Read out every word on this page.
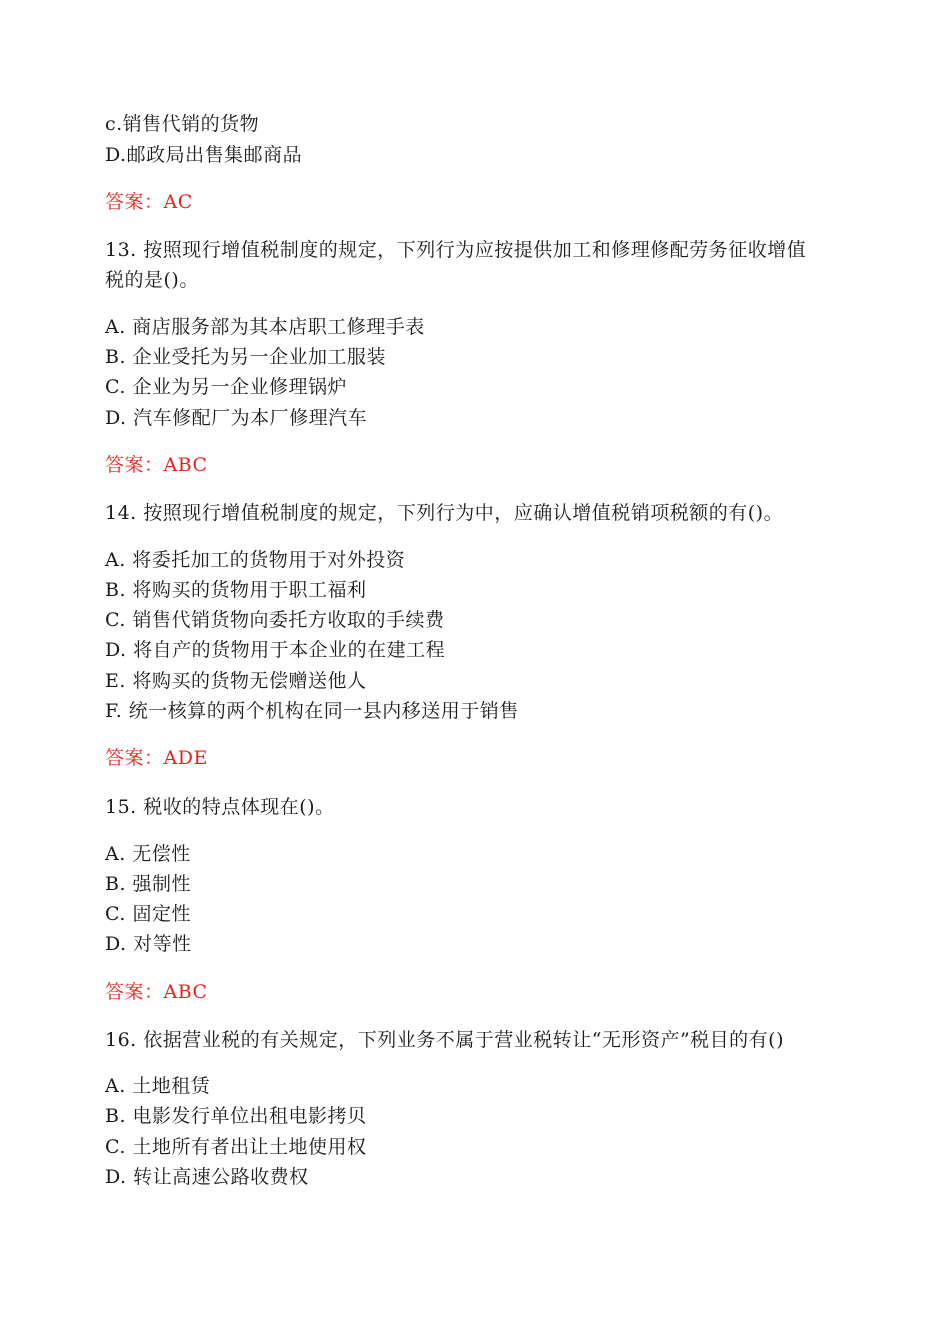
c.销售代销的货物
D.邮政局出售集邮商品
答案：AC
13. 按照现行增值税制度的规定，下列行为应按提供加工和修理修配劳务征收增值
税的是()。
A. 商店服务部为其本店职工修理手表
B. 企业受托为另一企业加工服装
C. 企业为另一企业修理锅炉
D. 汽车修配厂为本厂修理汽车
答案：ABC
14. 按照现行增值税制度的规定，下列行为中，应确认增值税销项税额的有()。
A. 将委托加工的货物用于对外投资
B. 将购买的货物用于职工福利
C. 销售代销货物向委托方收取的手续费
D. 将自产的货物用于本企业的在建工程
E. 将购买的货物无偿赠送他人
F. 统一核算的两个机构在同一县内移送用于销售
答案：ADE
15. 税收的特点体现在()。
A. 无偿性
B. 强制性
C. 固定性
D. 对等性
答案：ABC
16. 依据营业税的有关规定，下列业务不属于营业税转让“无形资产”税目的有()
A. 土地租赁
B. 电影发行单位出租电影拷贝
C. 土地所有者出让土地使用权
D. 转让高速公路收费权
